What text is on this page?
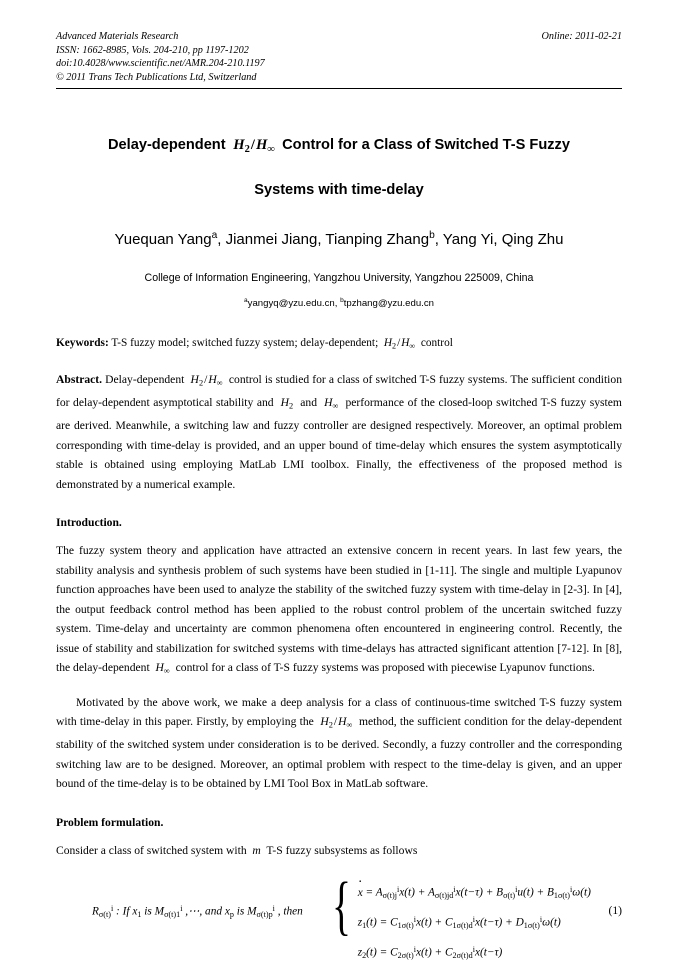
Advanced Materials Research
ISSN: 1662-8985, Vols. 204-210, pp 1197-1202
doi:10.4028/www.scientific.net/AMR.204-210.1197
© 2011 Trans Tech Publications Ltd, Switzerland
Online: 2011-02-21
Delay-dependent  $H_2/H_\infty$ Control for a Class of Switched T-S Fuzzy
Systems with time-delay
Yuequan Yang$^a$, Jianmei Jiang, Tianping Zhang$^b$, Yang Yi, Qing Zhu
College of Information Engineering, Yangzhou University, Yangzhou 225009, China
$^a$yangyq@yzu.edu.cn, $^b$tpzhang@yzu.edu.cn
Keywords: T-S fuzzy model; switched fuzzy system; delay-dependent;  $H_2/H_\infty$ control
Abstract. Delay-dependent  $H_2/H_\infty$ control is studied for a class of switched T-S fuzzy systems. The sufficient condition for delay-dependent asymptotical stability and  $H_2$ and  $H_\infty$ performance of the closed-loop switched T-S fuzzy system are derived. Meanwhile, a switching law and fuzzy controller are designed respectively. Moreover, an optimal problem corresponding with time-delay is provided, and an upper bound of time-delay which ensures the system asymptotically stable is obtained using employing MatLab LMI toolbox. Finally, the effectiveness of the proposed method is demonstrated by a numerical example.
Introduction.

The fuzzy system theory and application have attracted an extensive concern in recent years. In last few years, the stability analysis and synthesis problem of such systems have been studied in [1-11]. The single and multiple Lyapunov function approaches have been used to analyze the stability of the switched fuzzy system with time-delay in [2-3]. In [4], the output feedback control method has been applied to the robust control problem of the uncertain switched fuzzy system. Time-delay and uncertainty are common phenomena often encountered in engineering control. Recently, the issue of stability and stabilization for switched systems with time-delays has attracted significant attention [7-12]. In [8], the delay-dependent  $H_\infty$ control for a class of T-S fuzzy systems was proposed with piecewise Lyapunov functions.

Motivated by the above work, we make a deep analysis for a class of continuous-time switched T-S fuzzy system with time-delay in this paper. Firstly, by employing the  $H_2/H_\infty$ method, the sufficient condition for the delay-dependent stability of the switched system under consideration is to be derived. Secondly, a fuzzy controller and the corresponding switching law are to be designed. Moreover, an optimal problem with respect to the time-delay is given, and an upper bound of the time-delay is to be obtained by LMI Tool Box in MatLab software.

Problem formulation.

Consider a class of switched system with  m  T-S fuzzy subsystems as follows

$R_{\sigma(t)}^i$ : If $x_1$ is $M_{\sigma(t)1}^i$ ,⋯, and $x_p$ is $M_{\sigma(t)p}^i$ , then { · $x = A_{\sigma(t)j}^ix(t) + A_{\sigma(t)jd}^ix(t-\tau) + B_{\sigma(t)}^iu(t) + B_{1\sigma(t)}^i\omega(t)$
$z_1(t) = C_{1\sigma(t)}^ix(t) + C_{1\sigma(t)d}^ix(t-\tau) + D_{1\sigma(t)}^i\omega(t)$
$z_2(t) = C_{2\sigma(t)}^ix(t) + C_{2\sigma(t)d}^ix(t-\tau)$
(1)
